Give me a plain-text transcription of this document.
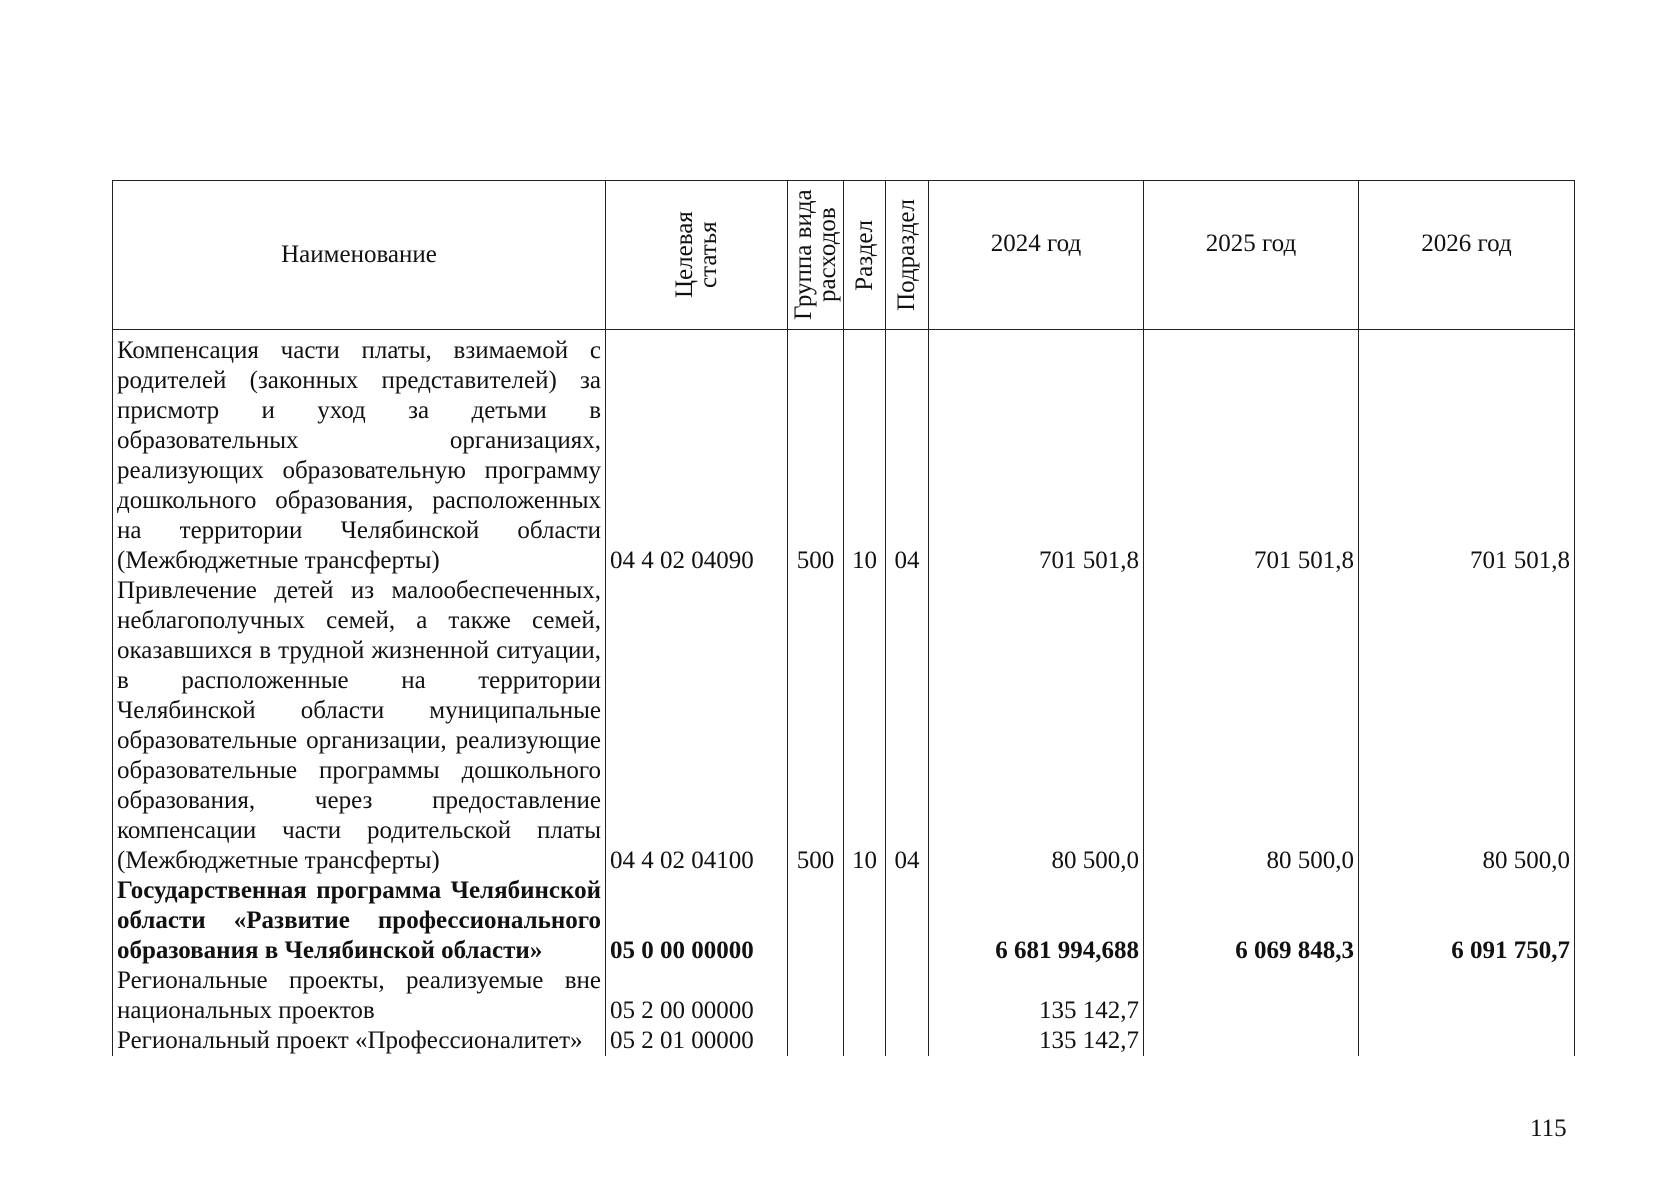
Наименование	Целевая статья	Группа вида расходов	Раздел	Подраздел	2024 год	2025 год	2026 год

Компенсация части платы, взимаемой с родителей (законных представителей) за присмотр и уход за детьми в образовательных организациях, реализующих образовательную программу дошкольного образования, расположенных на территории Челябинской области (Межбюджетные трансферты)	04 4 02 04090	500	10	04	701 501,8	701 501,8	701 501,8
Привлечение детей из малообеспеченных, неблагополучных семей, а также семей, оказавшихся в трудной жизненной ситуации, в расположенные на территории Челябинской области муниципальные образовательные организации, реализующие образовательные программы дошкольного образования, через предоставление компенсации части родительской платы (Межбюджетные трансферты)	04 4 02 04100	500	10	04	80 500,0	80 500,0	80 500,0
Государственная программа Челябинской области «Развитие профессионального образования в Челябинской области»	05 0 00 00000				6 681 994,688	6 069 848,3	6 091 750,7
Региональные проекты, реализуемые вне национальных проектов	05 2 00 00000				135 142,7		
Региональный проект «Профессионалитет»	05 2 01 00000				135 142,7		
115
